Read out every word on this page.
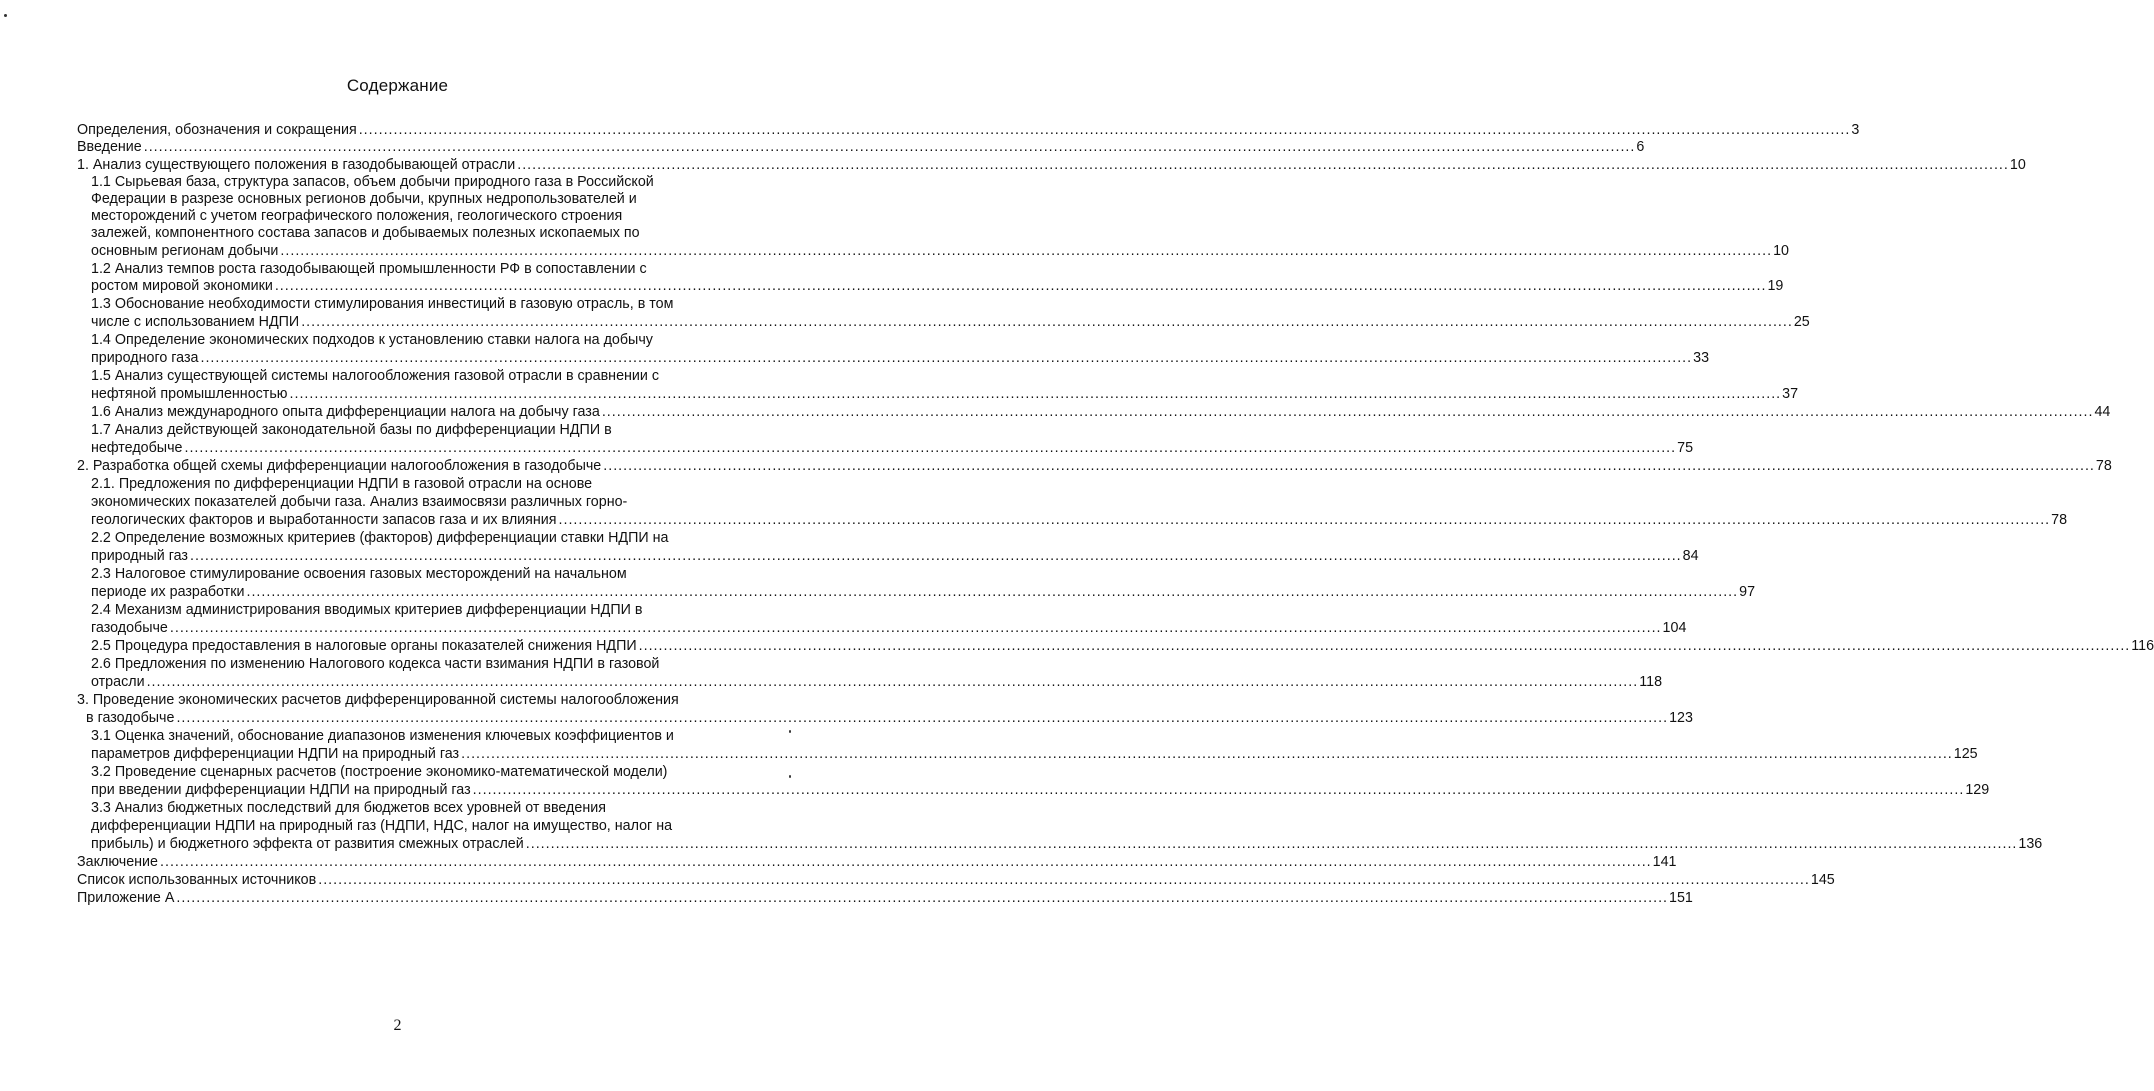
Содержание
Определения, обозначения и сокращения ............................................................................................................................................................................................................................................................................................................ 3
Введение ............................................................................................................................................................................................................................................................................................................ 6
1. Анализ существующего положения в газодобывающей отрасли ............................................................................................................................................................................................................................................................................................................ 10
1.1 Сырьевая база, структура запасов, объем добычи природного газа в Российской
Федерации в разрезе основных регионов добычи, крупных недропользователей и
месторождений с учетом географического положения, геологического строения
залежей, компонентного состава запасов и добываемых полезных ископаемых по
основным регионам добычи ............................................................................................................................................................................................................................................................................................................ 10
1.2 Анализ темпов роста газодобывающей промышленности РФ в сопоставлении с
ростом мировой экономики ............................................................................................................................................................................................................................................................................................................ 19
1.3 Обоснование необходимости стимулирования инвестиций в газовую отрасль, в том
числе с использованием НДПИ ............................................................................................................................................................................................................................................................................................................ 25
1.4 Определение экономических подходов к установлению ставки налога на добычу
природного газа ............................................................................................................................................................................................................................................................................................................ 33
1.5 Анализ существующей системы налогообложения газовой отрасли в сравнении с
нефтяной промышленностью ............................................................................................................................................................................................................................................................................................................ 37
1.6 Анализ международного опыта дифференциации налога на добычу газа ............................................................................................................................................................................................................................................................................................................ 44
1.7 Анализ действующей законодательной базы по дифференциации НДПИ в
нефтедобыче ............................................................................................................................................................................................................................................................................................................ 75
2. Разработка общей схемы дифференциации налогообложения в газодобыче ............................................................................................................................................................................................................................................................................................................ 78
2.1. Предложения по дифференциации НДПИ в газовой отрасли на основе
экономических показателей добычи газа. Анализ взаимосвязи различных горно-
геологических факторов и выработанности запасов газа и их влияния ............................................................................................................................................................................................................................................................................................................ 78
2.2 Определение возможных критериев (факторов) дифференциации ставки НДПИ на
природный газ ............................................................................................................................................................................................................................................................................................................ 84
2.3 Налоговое стимулирование освоения газовых месторождений на начальном
периоде их разработки ............................................................................................................................................................................................................................................................................................................ 97
2.4 Механизм администрирования вводимых критериев дифференциации НДПИ в
газодобыче ............................................................................................................................................................................................................................................................................................................ 104
2.5 Процедура предоставления в налоговые органы показателей снижения НДПИ ............................................................................................................................................................................................................................................................................................................ 116
2.6 Предложения по изменению Налогового кодекса части взимания НДПИ в газовой
отрасли ............................................................................................................................................................................................................................................................................................................ 118
3. Проведение экономических расчетов дифференцированной системы налогообложения
в газодобыче ............................................................................................................................................................................................................................................................................................................ 123
3.1 Оценка значений, обоснование диапазонов изменения ключевых коэффициентов и
параметров дифференциации НДПИ на природный газ ............................................................................................................................................................................................................................................................................................................ 125
3.2 Проведение сценарных расчетов (построение экономико-математической модели)
при введении дифференциации НДПИ на природный газ ............................................................................................................................................................................................................................................................................................................ 129
3.3 Анализ бюджетных последствий для бюджетов всех уровней от введения
дифференциации НДПИ на природный газ (НДПИ, НДС, налог на имущество, налог на
прибыль) и бюджетного эффекта от развития смежных отраслей ............................................................................................................................................................................................................................................................................................................ 136
Заключение ............................................................................................................................................................................................................................................................................................................ 141
Список использованных источников ............................................................................................................................................................................................................................................................................................................ 145
Приложение А ............................................................................................................................................................................................................................................................................................................ 151
2
